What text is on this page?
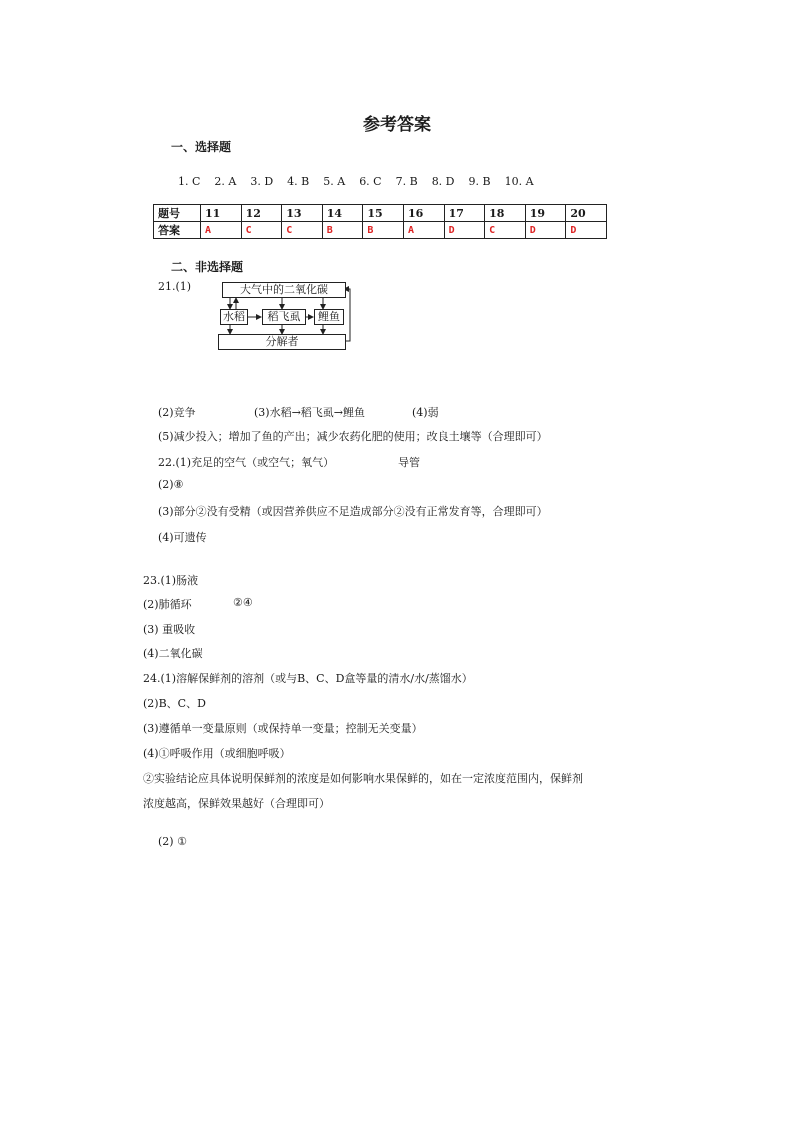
参考答案
一、选择题
1. C 2. A 3. D 4. B 5. A 6. C 7. B 8. D 9. B 10. A
题号	11	12	13	14	15	16	17	18	19	20
答案	A	C	C	B	B	A	D	C	D	D
二、非选择题
21.(1)	大气中的二氧化碳
水稻	稻飞虱	鲤鱼
分解者
(2)竞争	(3)水稻→稻飞虱→鲤鱼	(4)弱
(5)减少投入；增加了鱼的产出；减少农药化肥的使用；改良土壤等（合理即可）
22.(1)充足的空气（或空气；氧气）	导管
(2)⑧
(3)部分②没有受精（或因营养供应不足造成部分②没有正常发育等，合理即可）
(4)可遗传
23.(1)肠液
(2)肺循环	②④
(3) 重吸收
(4)二氧化碳
24.(1)溶解保鲜剂的溶剂（或与B、C、D盒等量的清水/水/蒸馏水）
(2)B、C、D
(3)遵循单一变量原则（或保持单一变量；控制无关变量）
(4)①呼吸作用（或细胞呼吸）
②实验结论应具体说明保鲜剂的浓度是如何影响水果保鲜的，如在一定浓度范围内，保鲜剂
浓度越高，保鲜效果越好（合理即可）
(2) ①
